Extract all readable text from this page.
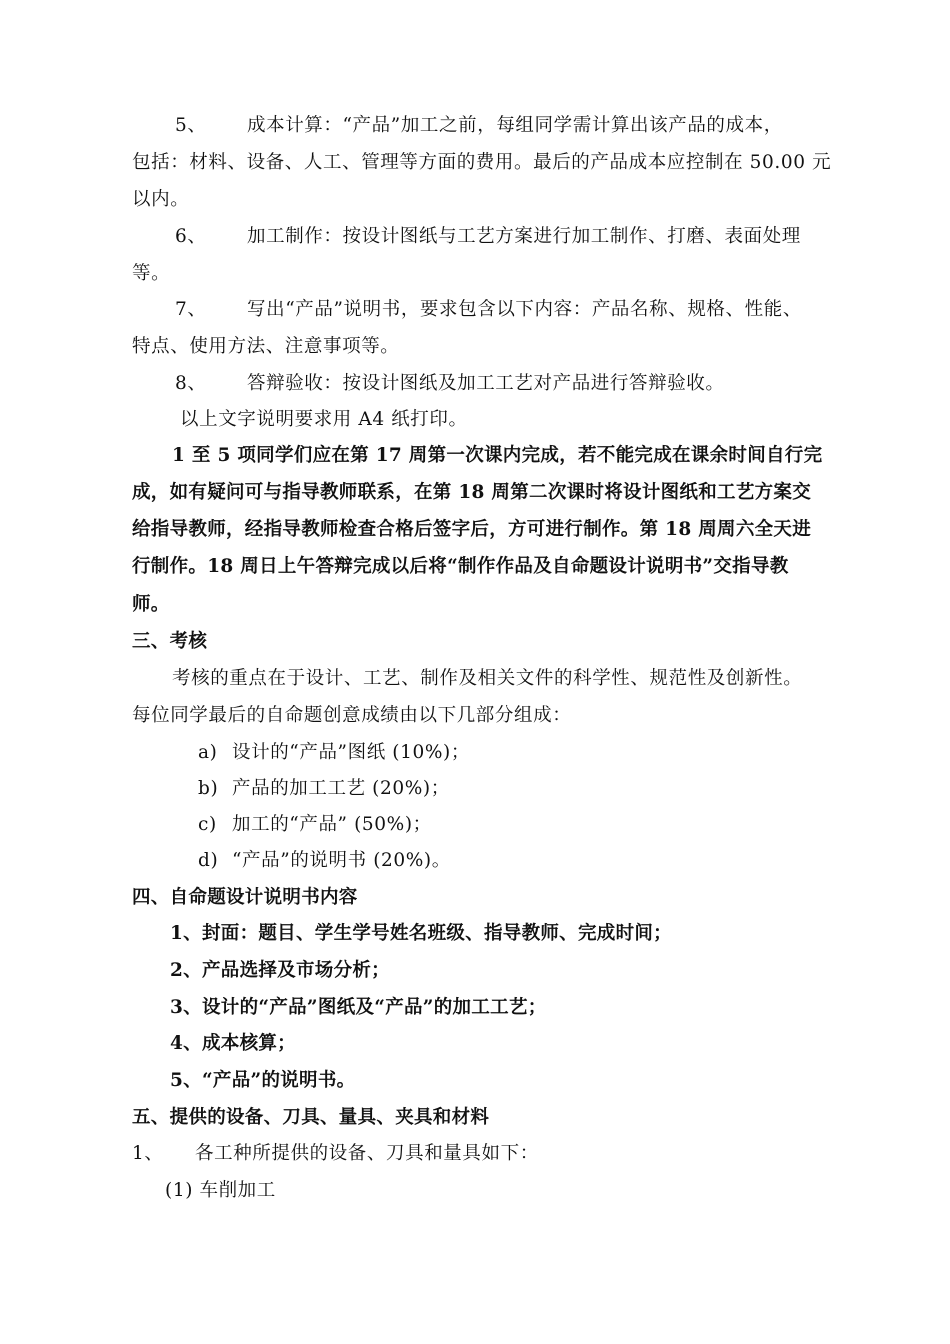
5、 成本计算：“产品”加工之前，每组同学需计算出该产品的成本，
包括：材料、设备、人工、管理等方面的费用。最后的产品成本应控制在 50.00 元
以内。
6、 加工制作：按设计图纸与工艺方案进行加工制作、打磨、表面处理
等。
7、 写出“产品”说明书，要求包含以下内容：产品名称、规格、性能、
特点、使用方法、注意事项等。
8、 答辩验收：按设计图纸及加工工艺对产品进行答辩验收。
以上文字说明要求用 A4 纸打印。
1 至 5 项同学们应在第 17 周第一次课内完成，若不能完成在课余时间自行完
成，如有疑问可与指导教师联系，在第 18 周第二次课时将设计图纸和工艺方案交
给指导教师，经指导教师检查合格后签字后，方可进行制作。第 18 周周六全天进
行制作。18 周日上午答辩完成以后将“制作作品及自命题设计说明书”交指导教
师。
三、考核
考核的重点在于设计、工艺、制作及相关文件的科学性、规范性及创新性。
每位同学最后的自命题创意成绩由以下几部分组成：
a) 设计的“产品”图纸 (10%)；
b) 产品的加工工艺 (20%)；
c) 加工的“产品” (50%)；
d) “产品”的说明书 (20%)。
四、自命题设计说明书内容
1、封面：题目、学生学号姓名班级、指导教师、完成时间；
2、产品选择及市场分析；
3、设计的“产品”图纸及“产品”的加工工艺；
4、成本核算；
5、“产品”的说明书。
五、提供的设备、刀具、量具、夹具和材料
1、 各工种所提供的设备、刀具和量具如下：
(1) 车削加工
